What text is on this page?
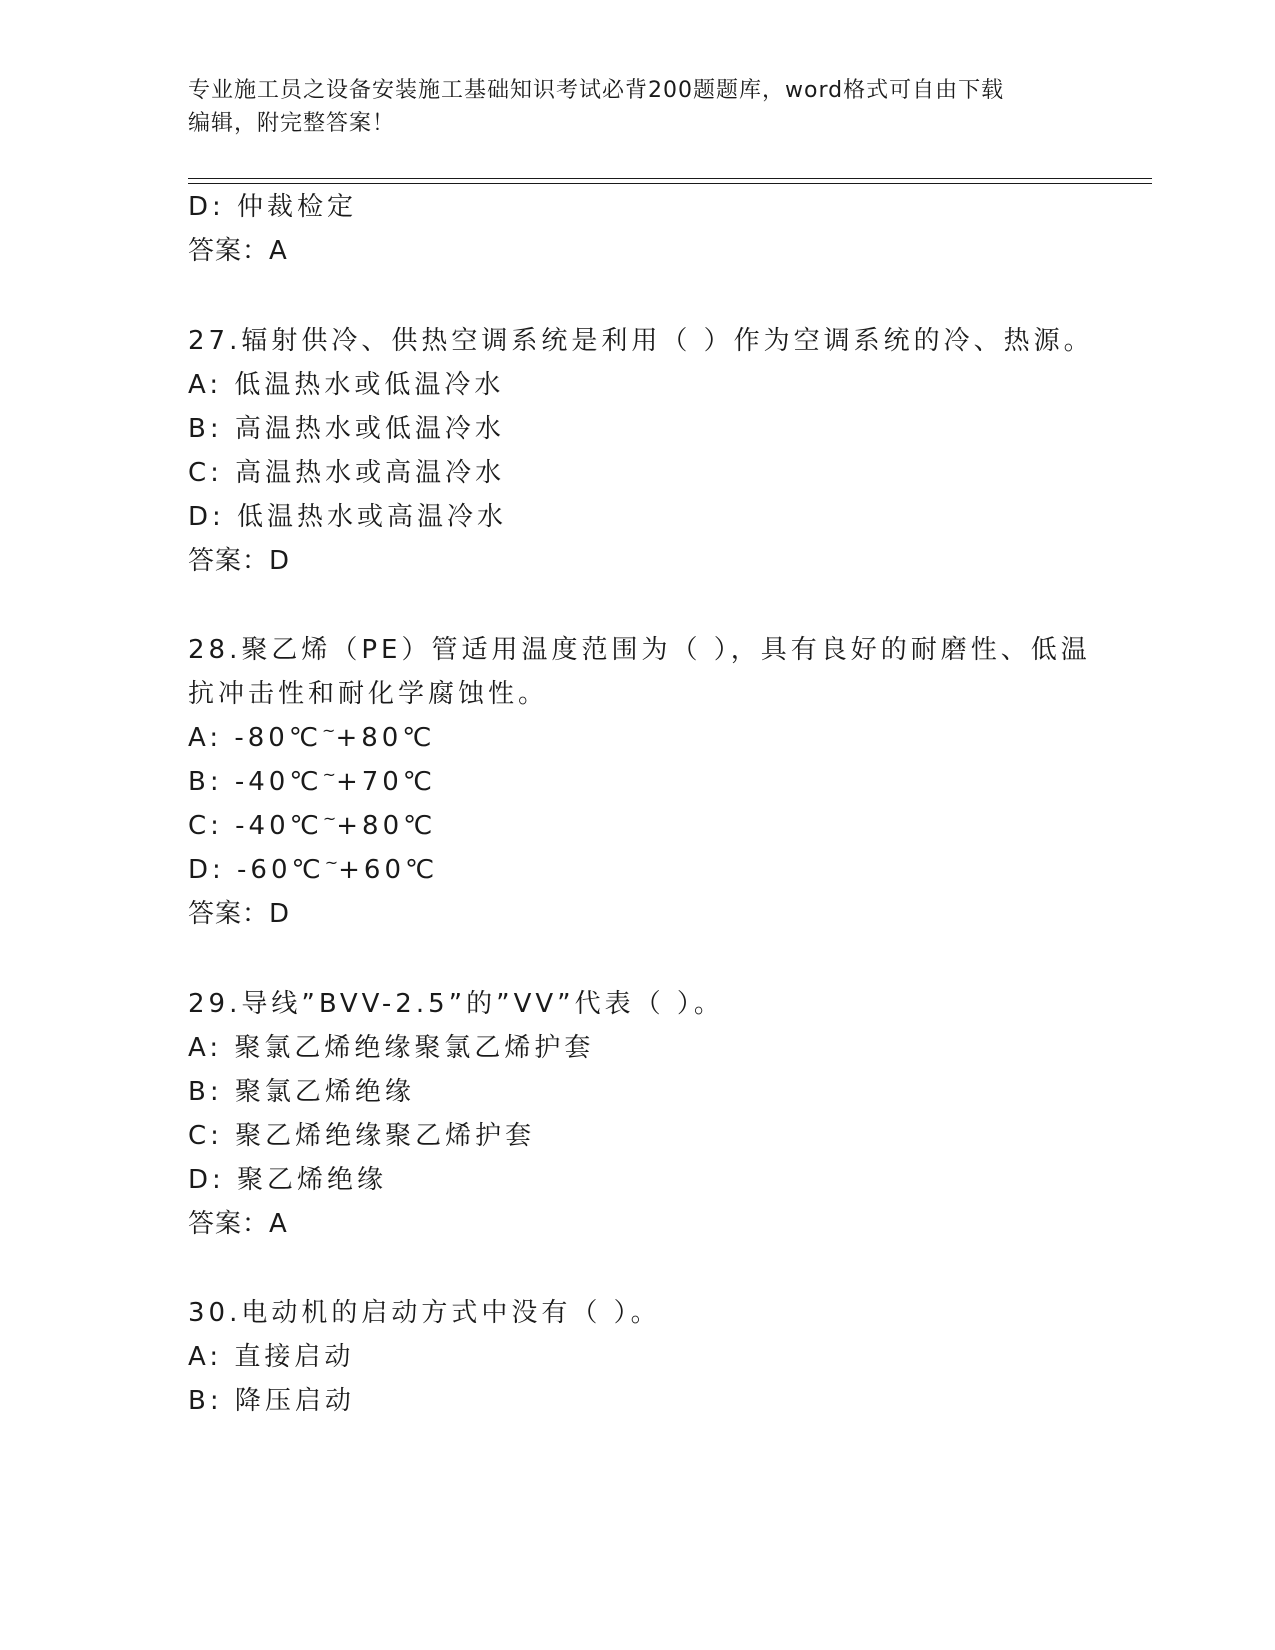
专业施工员之设备安装施工基础知识考试必背200题题库，word格式可自由下载
编辑，附完整答案！
D: 仲裁检定
答案：A
27.辐射供冷、供热空调系统是利用（ ）作为空调系统的冷、热源。
A: 低温热水或低温冷水
B: 高温热水或低温冷水
C: 高温热水或高温冷水
D: 低温热水或高温冷水
答案：D
28.聚乙烯（PE）管适用温度范围为（ ），具有良好的耐磨性、低温
抗冲击性和耐化学腐蚀性。
A: -80℃~+80℃
B: -40℃~+70℃
C: -40℃~+80℃
D: -60℃~+60℃
答案：D
29.导线”BVV-2.5”的”VV”代表（ ）。
A: 聚氯乙烯绝缘聚氯乙烯护套
B: 聚氯乙烯绝缘
C: 聚乙烯绝缘聚乙烯护套
D: 聚乙烯绝缘
答案：A
30.电动机的启动方式中没有（ ）。
A: 直接启动
B: 降压启动
